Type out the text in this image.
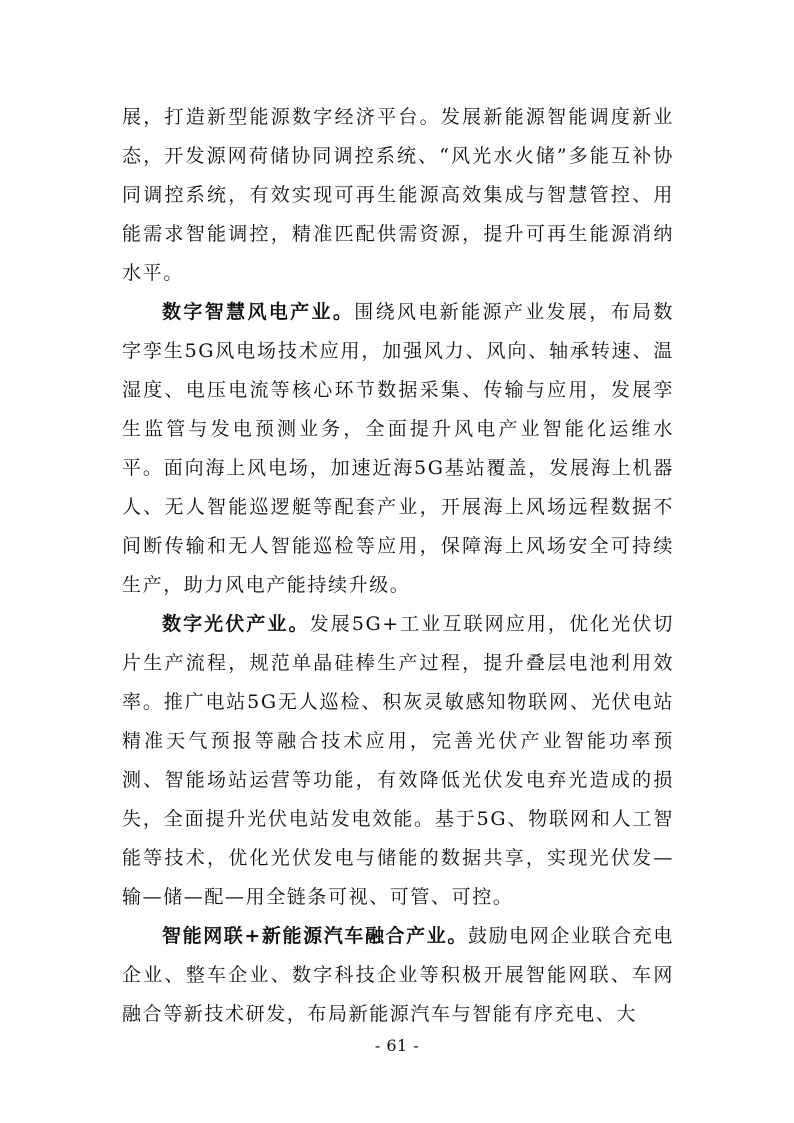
展，打造新型能源数字经济平台。发展新能源智能调度新业态，开发源网荷储协同调控系统、“风光水火储”多能互补协同调控系统，有效实现可再生能源高效集成与智慧管控、用能需求智能调控，精准匹配供需资源，提升可再生能源消纳水平。

数字智慧风电产业。围绕风电新能源产业发展，布局数字孪生5G风电场技术应用，加强风力、风向、轴承转速、温湿度、电压电流等核心环节数据采集、传输与应用，发展孪生监管与发电预测业务，全面提升风电产业智能化运维水平。面向海上风电场，加速近海5G基站覆盖，发展海上机器人、无人智能巡逻艇等配套产业，开展海上风场远程数据不间断传输和无人智能巡检等应用，保障海上风场安全可持续生产，助力风电产能持续升级。

数字光伏产业。发展5G+工业互联网应用，优化光伏切片生产流程，规范单晶硅棒生产过程，提升叠层电池利用效率。推广电站5G无人巡检、积灰灵敏感知物联网、光伏电站精准天气预报等融合技术应用，完善光伏产业智能功率预测、智能场站运营等功能，有效降低光伏发电弃光造成的损失，全面提升光伏电站发电效能。基于5G、物联网和人工智能等技术，优化光伏发电与储能的数据共享，实现光伏发—输—储—配—用全链条可视、可管、可控。

智能网联+新能源汽车融合产业。鼓励电网企业联合充电企业、整车企业、数字科技企业等积极开展智能网联、车网融合等新技术研发，布局新能源汽车与智能有序充电、大

- 61 -
